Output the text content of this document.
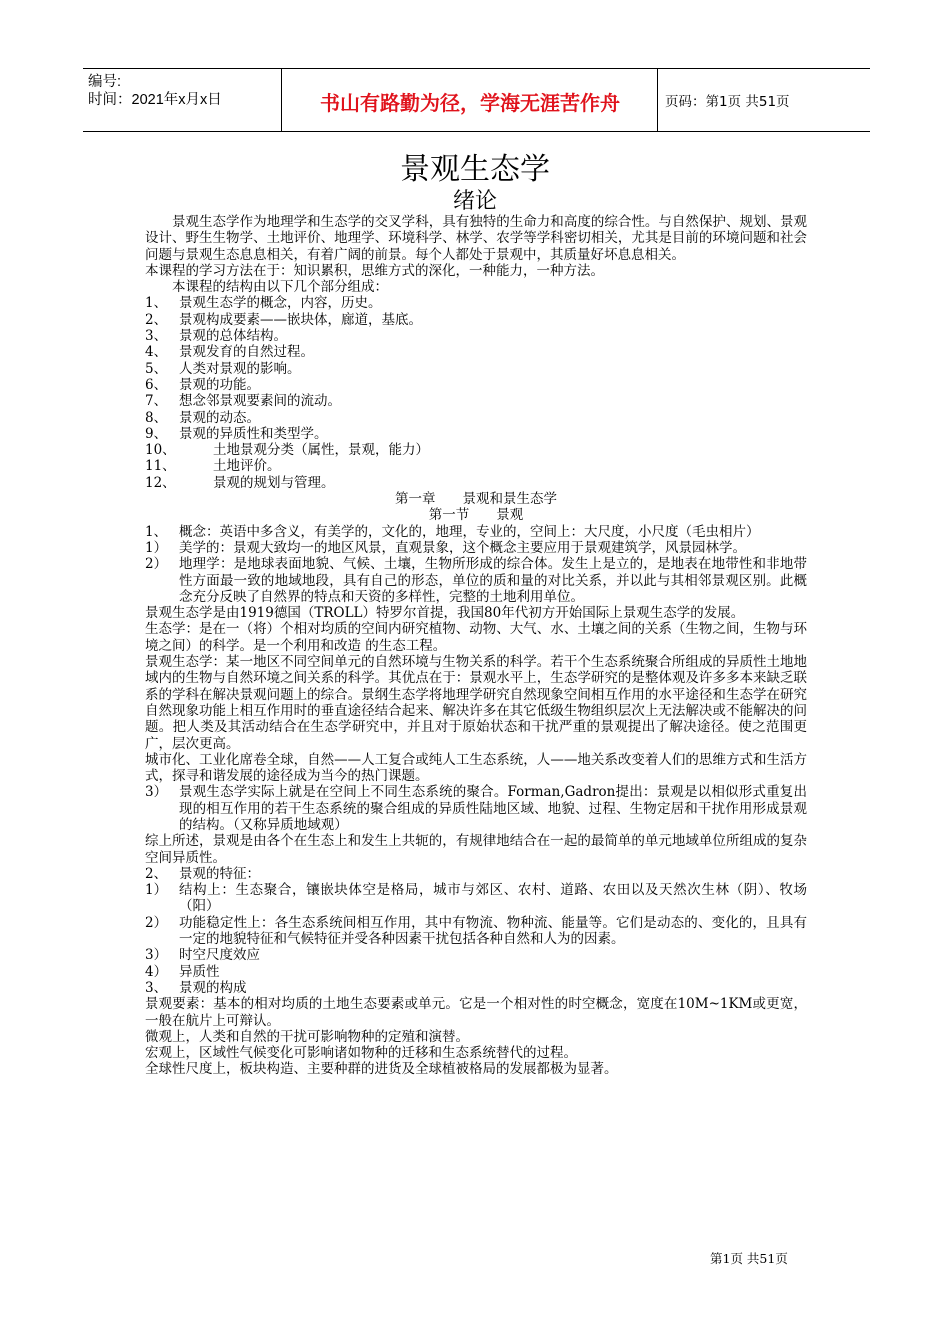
编号:
时间：2021年x月x日	书山有路勤为径，学海无涯苦作舟	页码：第1页 共51页
景观生态学
绪论

景观生态学作为地理学和生态学的交叉学科，具有独特的生命力和高度的综合性。与自然保护、规划、景观设计、野生生物学、土地评价、地理学、环境科学、林学、农学等学科密切相关，尤其是目前的环境问题和社会问题与景观生态息息相关，有着广阔的前景。每个人都处于景观中，其质量好坏息息相关。

本课程的学习方法在于：知识累积，思维方式的深化，一种能力，一种方法。

本课程的结构由以下几个部分组成：

1、 景观生态学的概念，内容，历史。
2、 景观构成要素——嵌块体，廊道，基底。
3、 景观的总体结构。
4、 景观发育的自然过程。
5、 人类对景观的影响。
6、 景观的功能。
7、 想念邻景观要素间的流动。
8、 景观的动态。
9、 景观的异质性和类型学。
10、	土地景观分类（属性，景观，能力）
11、	土地评价。
12、	景观的规划与管理。

第一章　　景观和景生态学

第一节　　景观

1、 概念：英语中多含义，有美学的，文化的，地理，专业的，空间上：大尺度，小尺度（毛虫相片）
1） 美学的：景观大致均一的地区风景，直观景象，这个概念主要应用于景观建筑学，风景园林学。
2） 地理学：是地球表面地貌、气候、土壤，生物所形成的综合体。发生上是立的，是地表在地带性和非地带性方面最一致的地域地段，具有自己的形态，单位的质和量的对比关系，并以此与其相邻景观区别。此概念充分反映了自然界的特点和天资的多样性，完整的土地利用单位。

景观生态学是由1919德国（TROLL）特罗尔首提，我国80年代初方开始国际上景观生态学的发展。

生态学：是在一（将）个相对均质的空间内研究植物、动物、大气、水、土壤之间的关系（生物之间，生物与环境之间）的科学。是一个利用和改造 的生态工程。

景观生态学：某一地区不同空间单元的自然环境与生物关系的科学。若干个生态系统聚合所组成的异质性土地地域内的生物与自然环境之间关系的科学。其优点在于：景观水平上，生态学研究的是整体观及许多多本来缺乏联系的学科在解决景观问题上的综合。景纲生态学将地理学研究自然现象空间相互作用的水平途径和生态学在研究自然现象功能上相互作用时的垂直途径结合起来、解决许多在其它低级生物组织层次上无法解决或不能解决的问题。把人类及其活动结合在生态学研究中，并且对于原始状态和干扰严重的景观提出了解决途径。使之范围更广，层次更高。

城市化、工业化席卷全球，自然——人工复合或纯人工生态系统，人——地关系改变着人们的思维方式和生活方式，探寻和谐发展的途径成为当今的热门课题。

3） 景观生态学实际上就是在空间上不同生态系统的聚合。Forman,Gadron提出：景观是以相似形式重复出现的相互作用的若干生态系统的聚合组成的异质性陆地区域、地貌、过程、生物定居和干扰作用形成景观的结构。（又称异质地域观）

综上所述，景观是由各个在生态上和发生上共轭的，有规律地结合在一起的最简单的单元地域单位所组成的复杂空间异质性。

2、 景观的特征：
1） 结构上：生态聚合，镶嵌块体空是格局，城市与郊区、农村、道路、农田以及天然次生林（阴）、牧场（阳）
2） 功能稳定性上：各生态系统间相互作用，其中有物流、物种流、能量等。它们是动态的、变化的，且具有一定的地貌特征和气候特征并受各种因素干扰包括各种自然和人为的因素。
3） 时空尺度效应
4） 异质性
3、 景观的构成

景观要素：基本的相对均质的土地生态要素或单元。它是一个相对性的时空概念，宽度在10M~1KM或更宽，一般在航片上可辩认。

微观上，人类和自然的干扰可影响物种的定殖和演替。

宏观上，区域性气候变化可影响诸如物种的迁移和生态系统替代的过程。

全球性尺度上，板块构造、主要种群的进货及全球植被格局的发展都极为显著。

第1页 共51页
